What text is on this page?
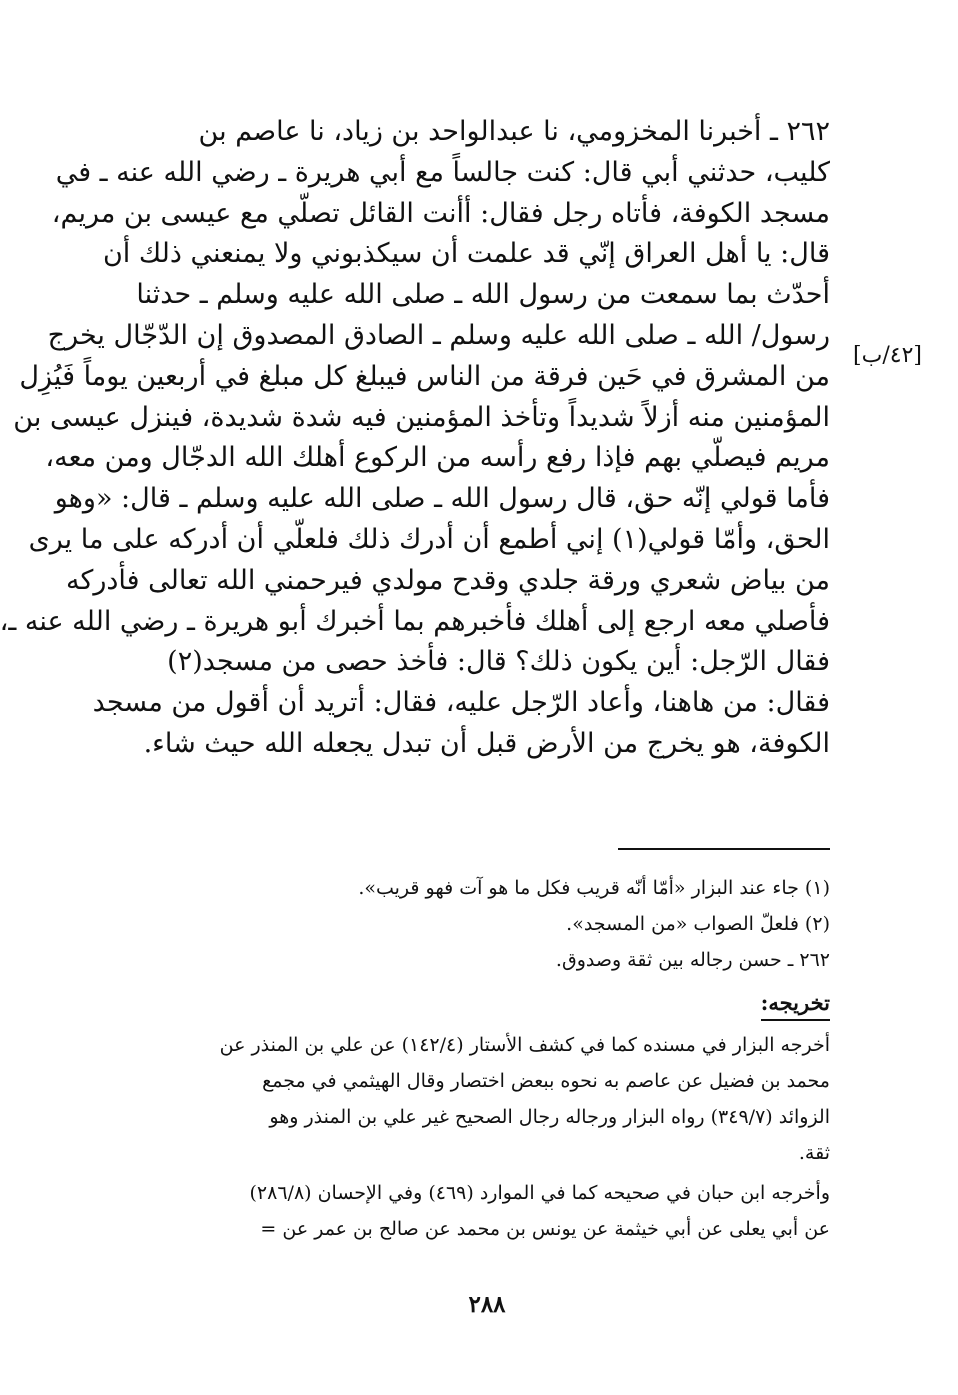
٢٦٢ ـ أخبرنا المخزومي، نا عبدالواحد بن زياد، نا عاصم بن
كليب، حدثني أبي قال: كنت جالساً مع أبي هريرة ـ رضي الله عنه ـ في
مسجد الكوفة، فأتاه رجل فقال: أأنت القائل تصلّي مع عيسى بن مريم،
قال: يا أهل العراق إنّي قد علمت أن سيكذبوني ولا يمنعني ذلك أن
أحدّث بما سمعت من رسول الله ـ صلى الله عليه وسلم ـ حدثنا
رسول/ الله ـ صلى الله عليه وسلم ـ الصادق المصدوق إن الدّجّال يخرج
من المشرق في حَين فرقة من الناس فيبلغ كل مبلغ في أربعين يوماً فَيُزِل
المؤمنين منه أزلاً شديداً وتأخذ المؤمنين فيه شدة شديدة، فينزل عيسى بن
مريم فيصلّي بهم فإذا رفع رأسه من الركوع أهلك الله الدجّال ومن معه،
فأما قولي إنّه حق، قال رسول الله ـ صلى الله عليه وسلم ـ قال: «وهو
الحق، وأمّا قولي(١) إني أطمع أن أدرك ذلك فلعلّي أن أدركه على ما يرى
من بياض شعري ورقة جلدي وقدح مولدي فيرحمني الله تعالى فأدركه
فأصلي معه ارجع إلى أهلك فأخبرهم بما أخبرك أبو هريرة ـ رضي الله عنه ـ،
فقال الرّجل: أين يكون ذلك؟ قال: فأخذ حصى من مسجد(٢)
فقال: من هاهنا، وأعاد الرّجل عليه، فقال: أتريد أن أقول من مسجد
الكوفة، هو يخرج من الأرض قبل أن تبدل يجعله الله حيث شاء.
[٤٢/ب]
(١) جاء عند البزار «أمّا أنّه قريب فكل ما هو آت فهو قريب».
(٢) فلعلّ الصواب «من المسجد».
٢٦٢ ـ حسن رجاله بين ثقة وصدوق.
تخريجه:
أخرجه البزار في مسنده كما في كشف الأستار (١٤٢/٤) عن علي بن المنذر عن
محمد بن فضيل عن عاصم به نحوه ببعض اختصار وقال الهيثمي في مجمع
الزوائد (٣٤٩/٧) رواه البزار ورجاله رجال الصحيح غير علي بن المنذر وهو
ثقة.
وأخرجه ابن حبان في صحيحه كما في الموارد (٤٦٩) وفي الإحسان (٢٨٦/٨)
عن أبي يعلى عن أبي خيثمة عن يونس بن محمد عن صالح بن عمر عن =
٢٨٨
